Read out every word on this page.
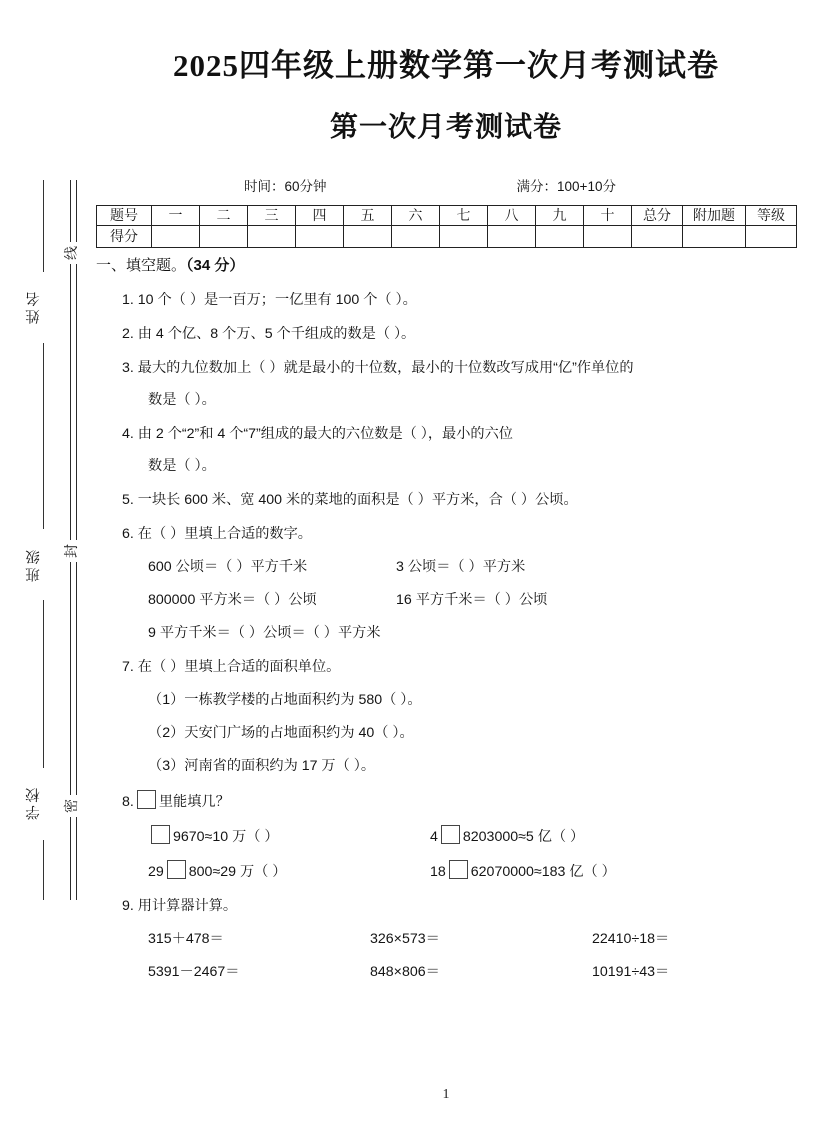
姓名
班级
学校
线
封
密
2025四年级上册数学第一次月考测试卷
第一次月考测试卷
时间：60分钟	满分：100+10分
题号	一	二	三	四	五	六	七	八	九	十	总分	附加题	等级
得分													

一、填空题。（34 分）

1. 10 个（ ）是一百万；一亿里有 100 个（ ）。

2. 由 4 个亿、8 个万、5 个千组成的数是（ ）。

3. 最大的九位数加上（ ）就是最小的十位数，最小的十位数改写成用“亿”作单位的

数是（ ）。

4. 由 2 个“2”和 4 个“7”组成的最大的六位数是（ ），最小的六位

数是（ ）。

5. 一块长 600 米、宽 400 米的菜地的面积是（ ）平方米，合（ ）公顷。

6. 在（ ）里填上合适的数字。

600 公顷＝（ ）平方千米	3 公顷＝（ ）平方米
800000 平方米＝（ ）公顷	16 平方千米＝（ ）公顷
9 平方千米＝（ ）公顷＝（ ）平方米

7. 在（ ）里填上合适的面积单位。

（1）一栋教学楼的占地面积约为 580（ ）。

（2）天安门广场的占地面积约为 40（ ）。

（3）河南省的面积约为 17 万（ ）。

8. 里能填几？

9670≈10 万（ ）	4 8203000≈5 亿（ ）
29 800≈29 万（ ）	18 62070000≈183 亿（ ）

9. 用计算器计算。

315＋478＝	326×573＝	22410÷18＝
5391－2467＝	848×806＝	10191÷43＝
1
